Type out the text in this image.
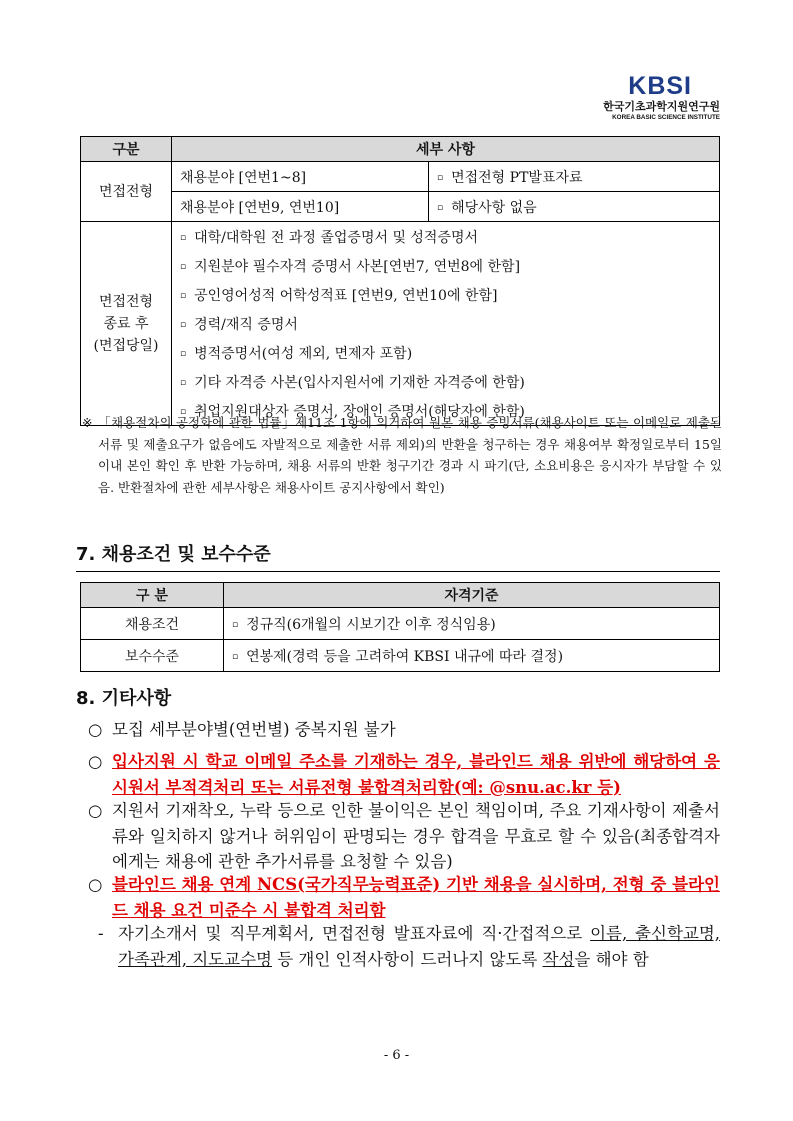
KBSI
한국기초과학지원연구원
KOREA BASIC SCIENCE INSTITUTE
구분	세부 사항	
면접전형	채용분야 [연번1~8]	▫ 면접전형 PT발표자료
	채용분야 [연번9, 연번10]	▫ 해당사항 없음
면접전형
종료 후
(면접당일)	▫ 대학/대학원 전 과정 졸업증명서 및 성적증명서	
	▫ 지원분야 필수자격 증명서 사본[연번7, 연번8에 한함]	
	▫ 공인영어성적 어학성적표 [연번9, 연번10에 한함]	
	▫ 경력/재직 증명서	
	▫ 병적증명서(여성 제외, 면제자 포함)	
	▫ 기타 자격증 사본(입사지원서에 기재한 자격증에 한함)	
	▫ 취업지원대상자 증명서, 장애인 증명서(해당자에 한함)	
※ 「채용절차의 공정화에 관한 법률」제11조 1항에 의거하여 원본 채용 증빙서류(채용사이트 또는 이메일로 제출된 서류 및 제출요구가 없음에도 자발적으로 제출한 서류 제외)의 반환을 청구하는 경우 채용여부 확정일로부터 15일 이내 본인 확인 후 반환 가능하며, 채용 서류의 반환 청구기간 경과 시 파기(단, 소요비용은 응시자가 부담할 수 있음. 반환절차에 관한 세부사항은 채용사이트 공지사항에서 확인)
7. 채용조건 및 보수수준
구 분	자격기준
채용조건	▫ 정규직(6개월의 시보기간 이후 정식임용)
보수수준	▫ 연봉제(경력 등을 고려하여 KBSI 내규에 따라 결정)
8. 기타사항
○ 모집 세부분야별(연번별) 중복지원 불가
○ 입사지원 시 학교 이메일 주소를 기재하는 경우, 블라인드 채용 위반에 해당하여 응시원서 부적격처리 또는 서류전형 불합격처리함(예: @snu.ac.kr 등)
○ 지원서 기재착오, 누락 등으로 인한 불이익은 본인 책임이며, 주요 기재사항이 제출서류와 일치하지 않거나 허위임이 판명되는 경우 합격을 무효로 할 수 있음(최종합격자에게는 채용에 관한 추가서류를 요청할 수 있음)
○ 블라인드 채용 연계 NCS(국가직무능력표준) 기반 채용을 실시하며, 전형 중 블라인드 채용 요건 미준수 시 불합격 처리함
- 자기소개서 및 직무계획서, 면접전형 발표자료에 직·간접적으로 이름, 출신학교명, 가족관계, 지도교수명 등 개인 인적사항이 드러나지 않도록 작성을 해야 함
- 6 -
